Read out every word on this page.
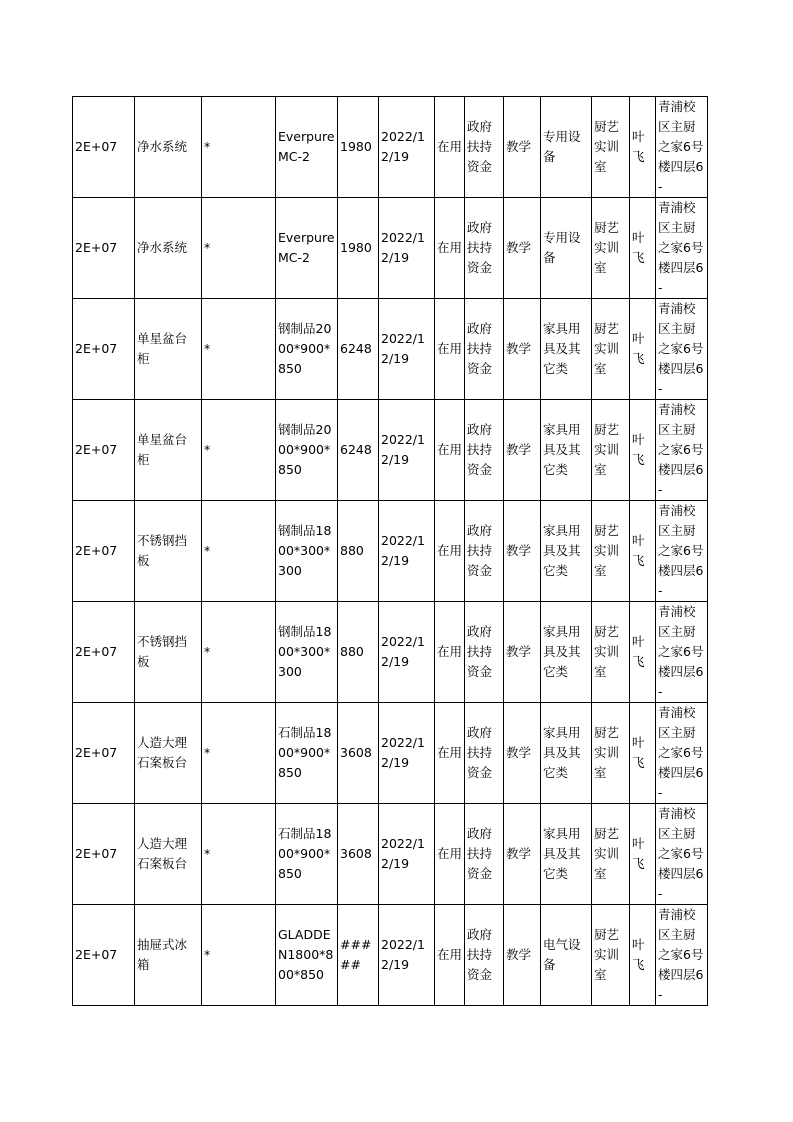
2E+07	净水系统	*	Everpure MC-2	1980	2022/12/19	在用	政府扶持资金	教学	专用设备	厨艺实训室	叶飞	青浦校区主厨之家6号楼四层6-
2E+07	净水系统	*	Everpure MC-2	1980	2022/12/19	在用	政府扶持资金	教学	专用设备	厨艺实训室	叶飞	青浦校区主厨之家6号楼四层6-
2E+07	单星盆台柜	*	钢制品2000*900*850	6248	2022/12/19	在用	政府扶持资金	教学	家具用具及其它类	厨艺实训室	叶飞	青浦校区主厨之家6号楼四层6-
2E+07	单星盆台柜	*	钢制品2000*900*850	6248	2022/12/19	在用	政府扶持资金	教学	家具用具及其它类	厨艺实训室	叶飞	青浦校区主厨之家6号楼四层6-
2E+07	不锈钢挡板	*	钢制品1800*300*300	880	2022/12/19	在用	政府扶持资金	教学	家具用具及其它类	厨艺实训室	叶飞	青浦校区主厨之家6号楼四层6-
2E+07	不锈钢挡板	*	钢制品1800*300*300	880	2022/12/19	在用	政府扶持资金	教学	家具用具及其它类	厨艺实训室	叶飞	青浦校区主厨之家6号楼四层6-
2E+07	人造大理石案板台	*	石制品1800*900*850	3608	2022/12/19	在用	政府扶持资金	教学	家具用具及其它类	厨艺实训室	叶飞	青浦校区主厨之家6号楼四层6-
2E+07	人造大理石案板台	*	石制品1800*900*850	3608	2022/12/19	在用	政府扶持资金	教学	家具用具及其它类	厨艺实训室	叶飞	青浦校区主厨之家6号楼四层6-
2E+07	抽屉式冰箱	*	GLADDEN1800*800*850	#####	2022/12/19	在用	政府扶持资金	教学	电气设备	厨艺实训室	叶飞	青浦校区主厨之家6号楼四层6-
